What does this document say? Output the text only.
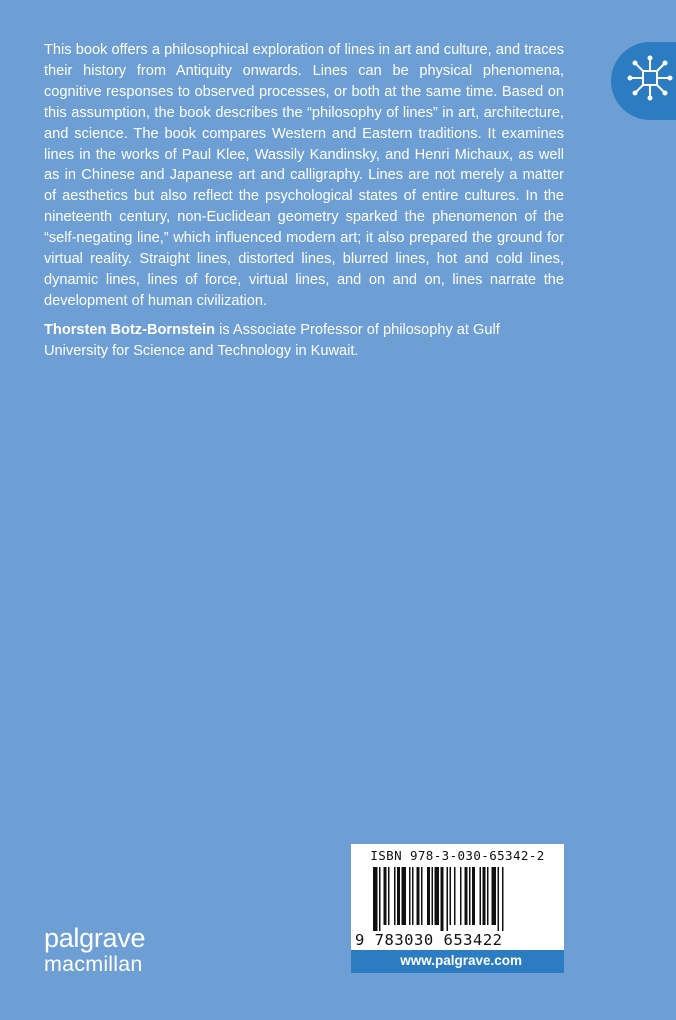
This book offers a philosophical exploration of lines in art and culture, and traces their history from Antiquity onwards. Lines can be physical phenomena, cognitive responses to observed processes, or both at the same time. Based on this assumption, the book describes the “philosophy of lines” in art, architecture, and science. The book compares Western and Eastern traditions. It examines lines in the works of Paul Klee, Wassily Kandinsky, and Henri Michaux, as well as in Chinese and Japanese art and calligraphy. Lines are not merely a matter of aesthetics but also reflect the psychological states of entire cultures. In the nineteenth century, non-Euclidean geometry sparked the phenomenon of the “self-negating line,” which influenced modern art; it also prepared the ground for virtual reality. Straight lines, distorted lines, blurred lines, hot and cold lines, dynamic lines, lines of force, virtual lines, and on and on, lines narrate the development of human civilization.

Thorsten Botz-Bornstein is Associate Professor of philosophy at Gulf University for Science and Technology in Kuwait.

palgrave
macmillan
ISBN 978-3-030-65342-2
9 783030 653422
www.palgrave.com
